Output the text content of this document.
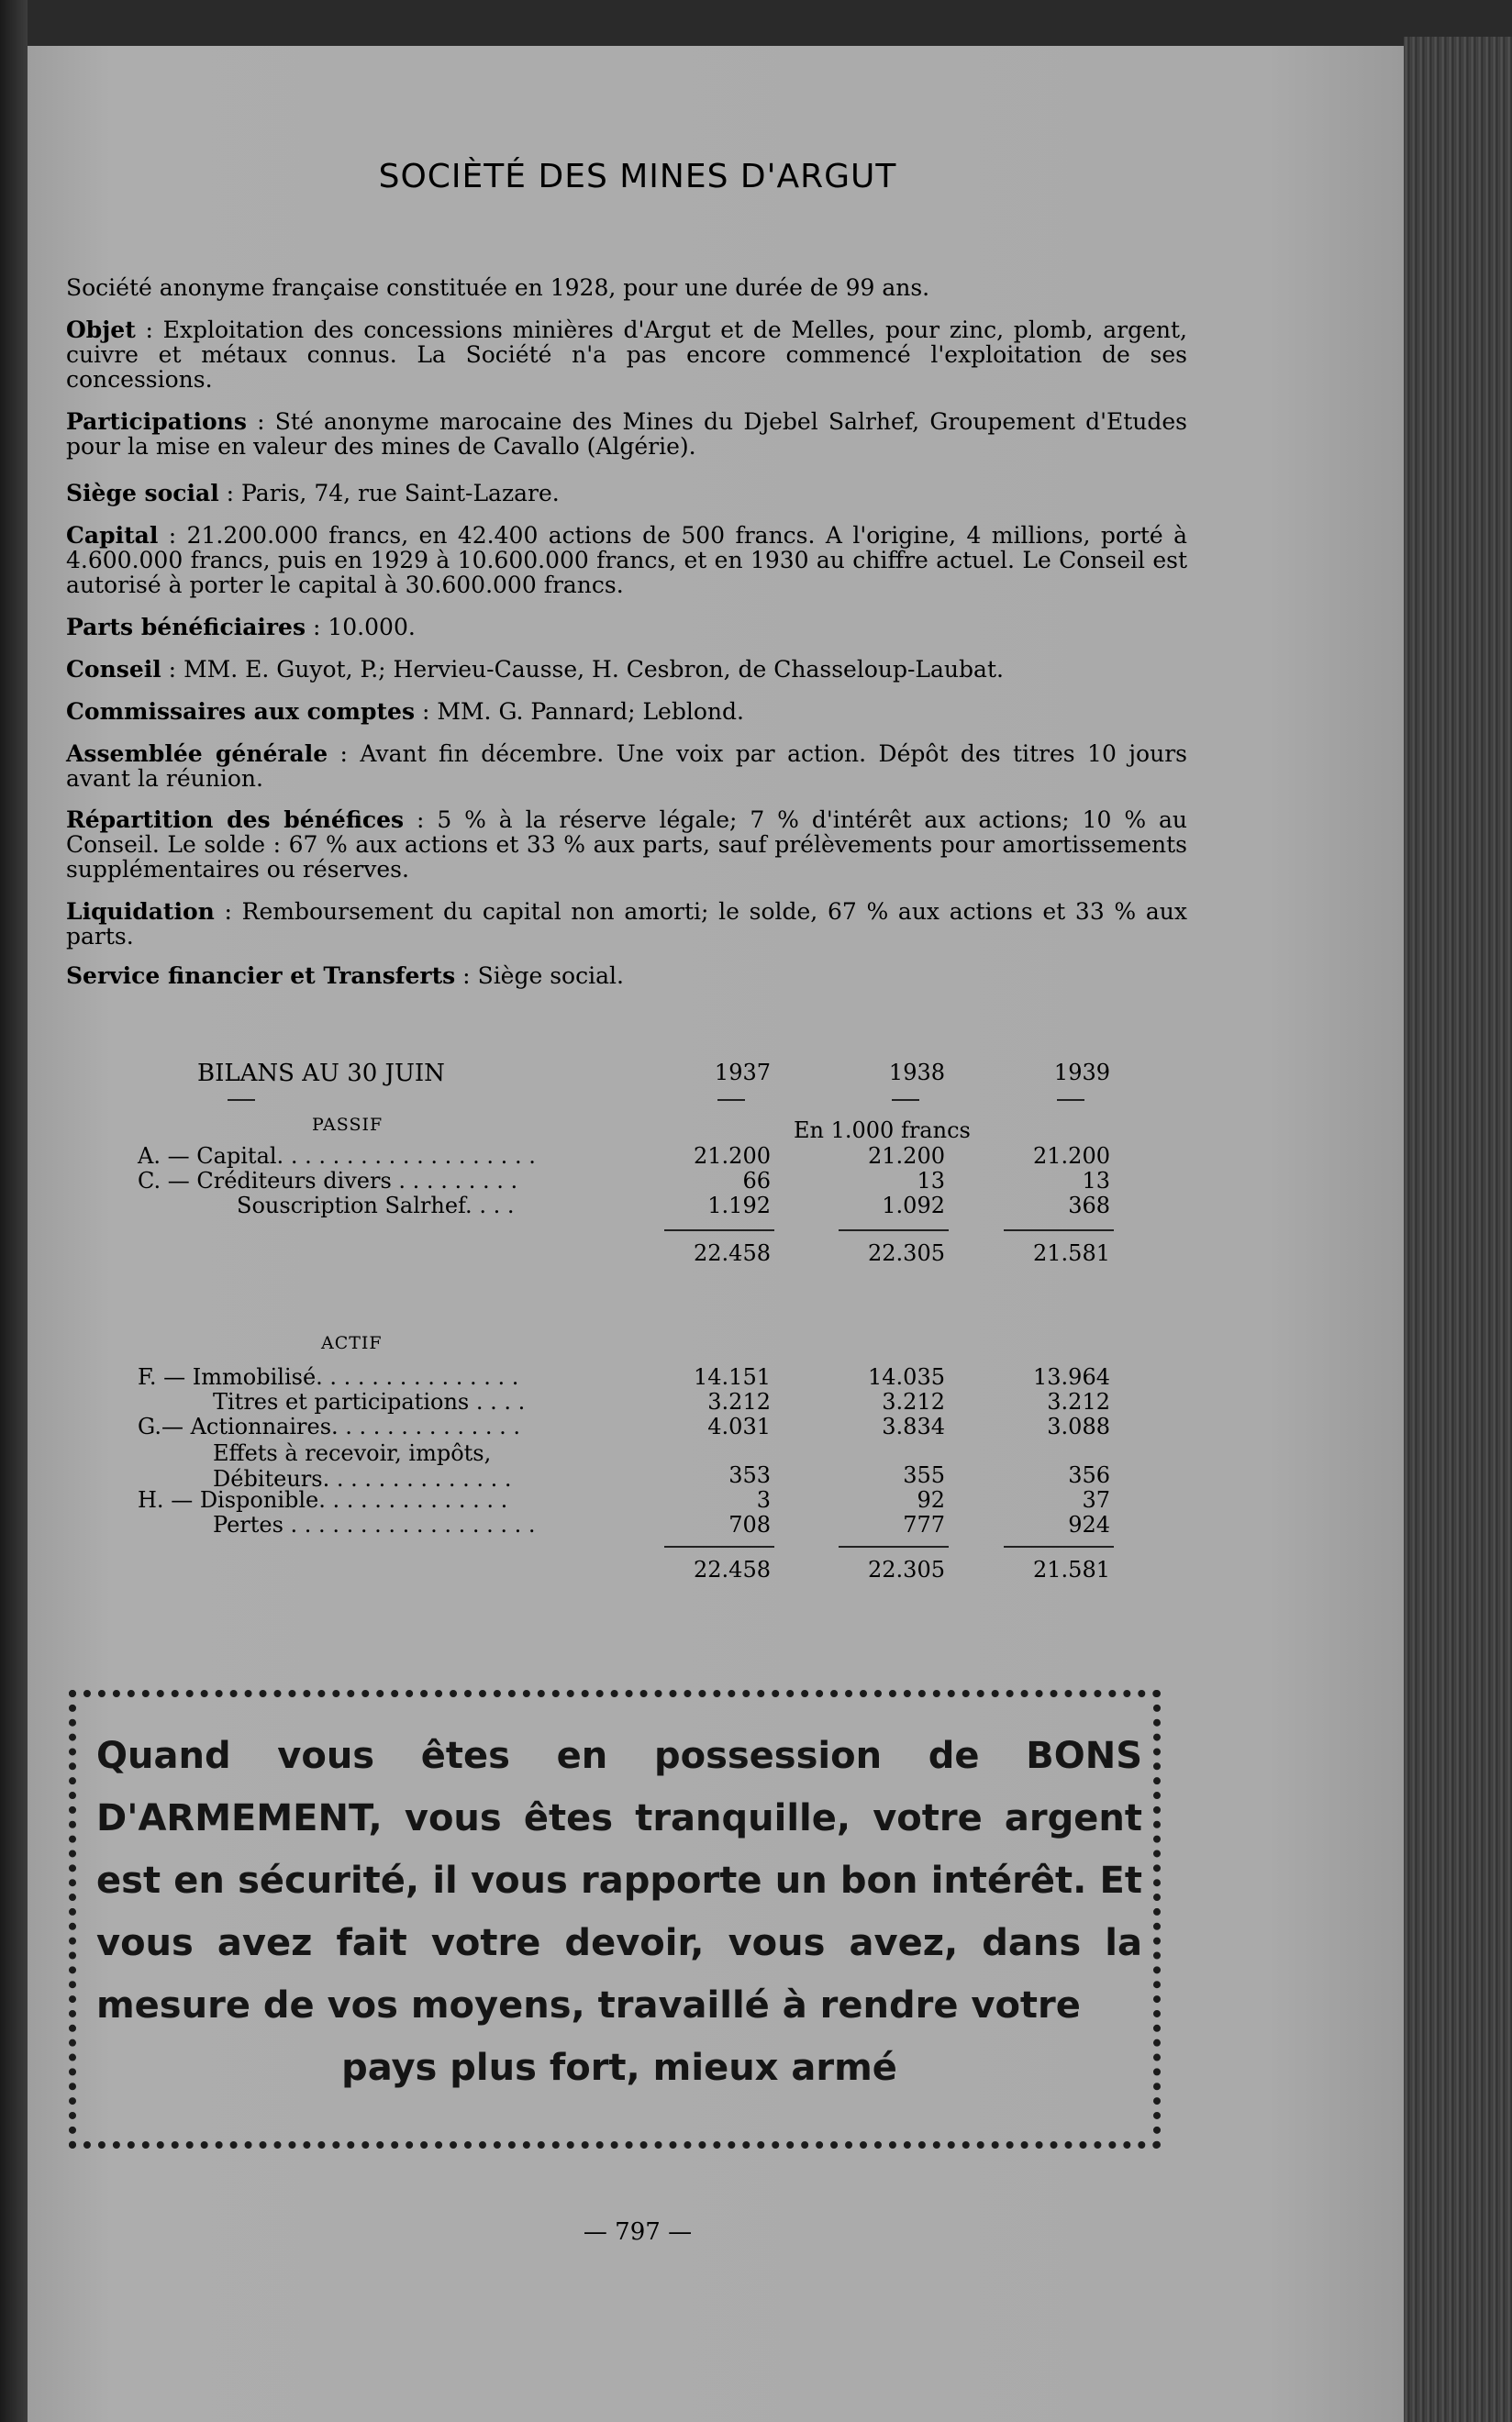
SOCIÈTÉ DES MINES D'ARGUT
Société anonyme française constituée en 1928, pour une durée de 99 ans.
Objet : Exploitation des concessions minières d'Argut et de Melles, pour zinc, plomb, argent, cuivre et métaux connus. La Société n'a pas encore commencé l'exploitation de ses concessions.
Participations : Sté anonyme marocaine des Mines du Djebel Salrhef, Groupement d'Etudes pour la mise en valeur des mines de Cavallo (Algérie).
Siège social : Paris, 74, rue Saint-Lazare.
Capital : 21.200.000 francs, en 42.400 actions de 500 francs. A l'origine, 4 millions, porté à 4.600.000 francs, puis en 1929 à 10.600.000 francs, et en 1930 au chiffre actuel. Le Conseil est autorisé à porter le capital à 30.600.000 francs.
Parts bénéficiaires : 10.000.
Conseil : MM. E. Guyot, P.; Hervieu-Causse, H. Cesbron, de Chasseloup-Laubat.
Commissaires aux comptes : MM. G. Pannard; Leblond.
Assemblée générale : Avant fin décembre. Une voix par action. Dépôt des titres 10 jours avant la réunion.
Répartition des bénéfices : 5 % à la réserve légale; 7 % d'intérêt aux actions; 10 % au Conseil. Le solde : 67 % aux actions et 33 % aux parts, sauf prélèvements pour amortissements supplémentaires ou réserves.
Liquidation : Remboursement du capital non amorti; le solde, 67 % aux actions et 33 % aux parts.
Service financier et Transferts : Siège social.
BILANS AU 30 JUIN	1937	1938	1939
PASSIF	En 1.000 francs
A. — Capital. . . . . . . . . . . . . . . . . . .	21.200	21.200	21.200
C. — Créditeurs divers . . . . . . . . .	66	13	13
Souscription Salrhef. . . .	1.192	1.092	368
22.458	22.305	21.581
ACTIF
F. — Immobilisé. . . . . . . . . . . . . . .	14.151	14.035	13.964
Titres et participations . . . .	3.212	3.212	3.212
G.— Actionnaires. . . . . . . . . . . . . .	4.031	3.834	3.088
Effets à recevoir, impôts, Débiteurs. . . . . . . . . . . . . .	353	355	356
H. — Disponible. . . . . . . . . . . . . .	3	92	37
Pertes . . . . . . . . . . . . . . . . . .	708	777	924
22.458	22.305	21.581
Quand vous êtes en possession de BONS D'ARMEMENT, vous êtes tranquille, votre argent est en sécurité, il vous rapporte un bon intérêt. Et vous avez fait votre devoir, vous avez, dans la mesure de vos moyens, travaillé à rendre votre
pays plus fort, mieux armé
— 797 —
